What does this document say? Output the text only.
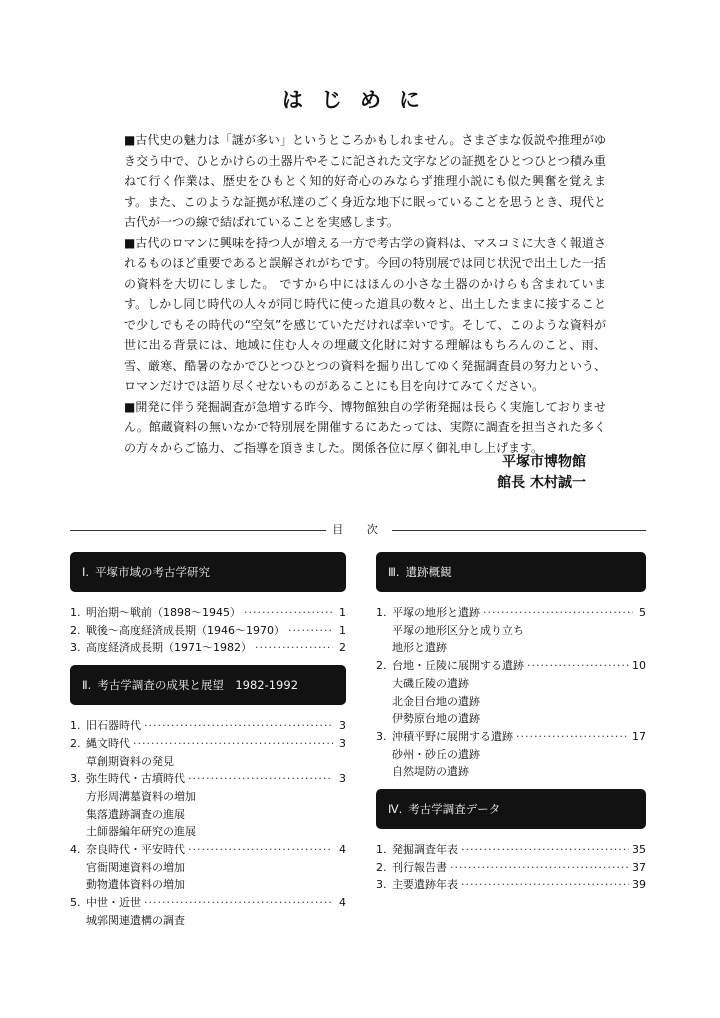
はじめに

■古代史の魅力は「謎が多い」というところかもしれません。さまざまな仮説や推理がゆき交う中で、ひとかけらの土器片やそこに記された文字などの証拠をひとつひとつ積み重ねて行く作業は、歴史をひもとく知的好奇心のみならず推理小説にも似た興奮を覚えます。また、このような証拠が私達のごく身近な地下に眠っていることを思うとき、現代と古代が一つの線で結ばれていることを実感します。

■古代のロマンに興味を持つ人が増える一方で考古学の資料は、マスコミに大きく報道されるものほど重要であると誤解されがちです。今回の特別展では同じ状況で出土した一括の資料を大切にしました。 ですから中にはほんの小さな土器のかけらも含まれています。しかし同じ時代の人々が同じ時代に使った道具の数々と、出土したままに接することで少しでもその時代の“空気”を感じていただければ幸いです。そして、このような資料が世に出る背景には、地域に住む人々の埋蔵文化財に対する理解はもちろんのこと、雨、雪、厳寒、酷暑のなかでひとつひとつの資料を掘り出してゆく発掘調査員の努力という、ロマンだけでは語り尽くせないものがあることにも目を向けてみてください。

■開発に伴う発掘調査が急増する昨今、博物館独自の学術発掘は長らく実施しておりません。館蔵資料の無いなかで特別展を開催するにあたっては、実際に調査を担当された多くの方々からご協力、ご指導を頂きました。関係各位に厚く御礼申し上げます。

平塚市博物館
館長 木村誠一
目 次
Ⅰ. 平塚市域の考古学研究
1. 明治期～戦前（1898～1945） ·····	1
2. 戦後～高度経済成長期（1946～1970） ·····	1
3. 高度経済成長期（1971～1982） ·····	2
Ⅱ. 考古学調査の成果と展望　1982-1992
1. 旧石器時代 ·····	3
2. 縄文時代 ·····	3
草創期資料の発見
3. 弥生時代・古墳時代 ·····	3
方形周溝墓資料の増加
集落遺跡調査の進展
土師器編年研究の進展
4. 奈良時代・平安時代 ·····	4
官衙関連資料の増加
動物遺体資料の増加
5. 中世・近世 ·····	4
城郭関連遺構の調査
Ⅲ. 遺跡概観
1. 平塚の地形と遺跡 ·····	5
平塚の地形区分と成り立ち
地形と遺跡
2. 台地・丘陵に展開する遺跡 ·····	10
大磯丘陵の遺跡
北金目台地の遺跡
伊勢原台地の遺跡
3. 沖積平野に展開する遺跡 ·····	17
砂州・砂丘の遺跡
自然堤防の遺跡
Ⅳ. 考古学調査データ
1. 発掘調査年表 ·····	35
2. 刊行報告書 ·····	37
3. 主要遺跡年表 ·····	39
